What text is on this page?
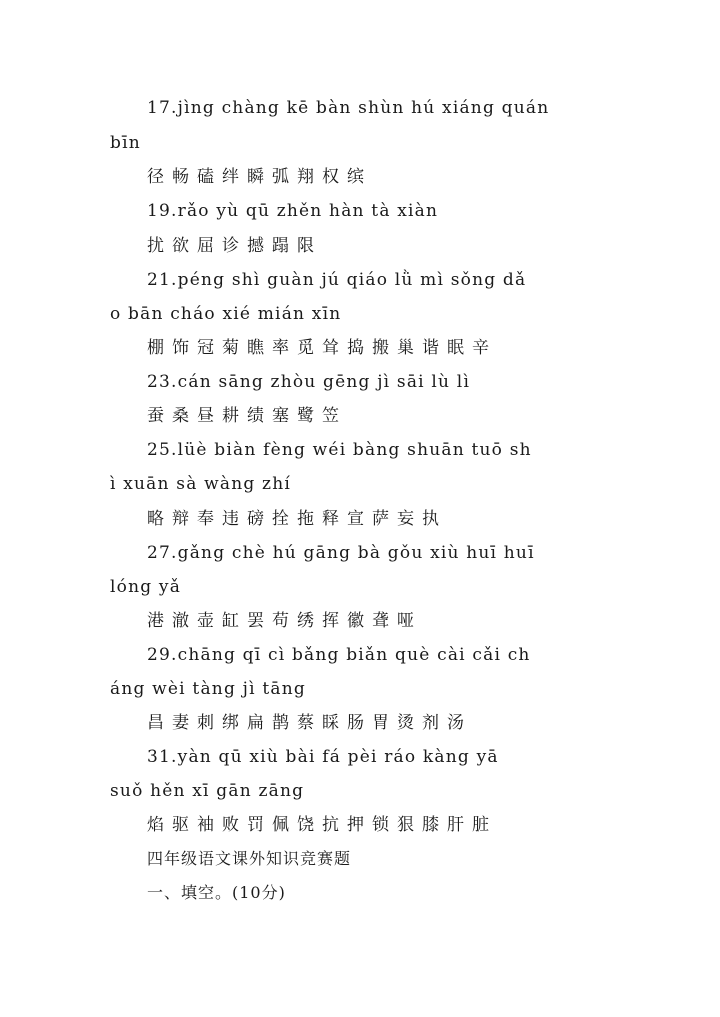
17.jìng chàng kē bàn shùn hú xiáng quán
bīn
径畅磕绊瞬弧翔权缤
19.rǎo yù qū zhěn hàn tà xiàn
扰欲屈诊撼蹋限
21.péng shì guàn jú qiáo lǜ mì sǒng dǎ
o bān cháo xié mián xīn
棚饰冠菊瞧率觅耸捣搬巢谐眠辛
23.cán sāng zhòu gēng jì sāi lù lì
蚕桑昼耕绩塞鹭笠
25.lüè biàn fèng wéi bàng shuān tuō sh
ì xuān sà wàng zhí
略辩奉违磅拴拖释宣萨妄执
27.gǎng chè hú gāng bà gǒu xiù huī huī
lóng yǎ
港澈壶缸罢苟绣挥徽聋哑
29.chāng qī cì bǎng biǎn què cài cǎi ch
áng wèi tàng jì tāng
昌妻刺绑扁鹊蔡睬肠胃烫剂汤
31.yàn qū xiù bài fá pèi ráo kàng yā
suǒ hěn xī gān zāng
焰驱袖败罚佩饶抗押锁狠膝肝脏
四年级语文课外知识竞赛题
一、填空。(10分)
